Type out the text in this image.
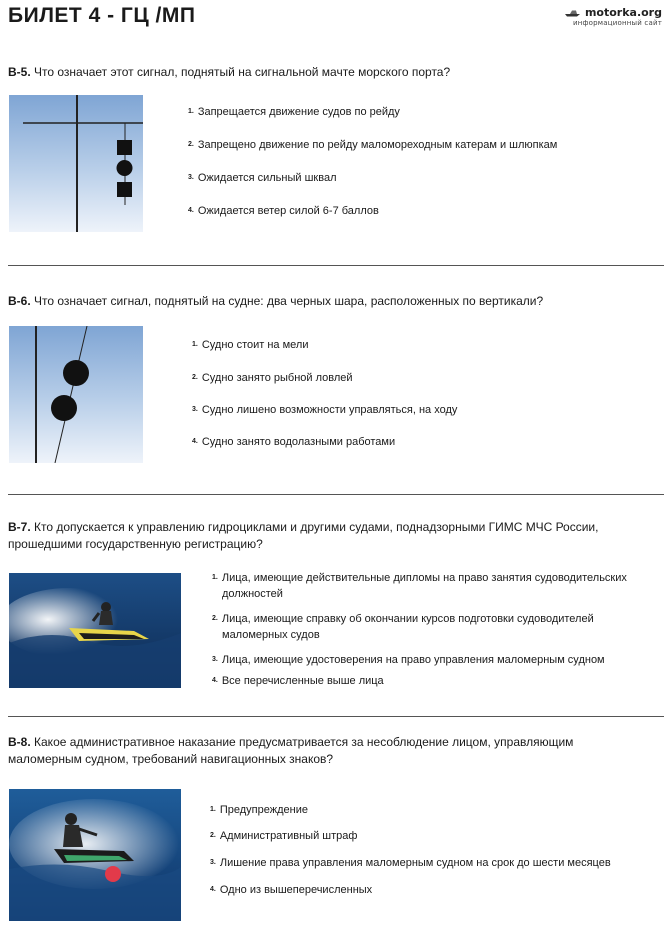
БИЛЕТ 4 - ГЦ /МП	motorka.org
информационный сайт
В-5. Что означает этот сигнал, поднятый на сигнальной мачте морского порта?
$^{1.}$ Запрещается движение судов по рейду
$^{2.}$ Запрещено движение по рейду маломореходным катерам и шлюпкам
$^{3.}$ Ожидается сильный шквал
$^{4.}$ Ожидается ветер силой 6-7 баллов
В-6. Что означает сигнал, поднятый на судне: два черных шара, расположенных по вертикали?
$^{1.}$ Судно стоит на мели
$^{2.}$ Судно занято рыбной ловлей
$^{3.}$ Судно лишено возможности управляться, на ходу
$^{4.}$ Судно занято водолазными работами
В-7. Кто допускается к управлению гидроциклами и другими судами, поднадзорными ГИМС МЧС России,
прошедшими государственную регистрацию?
$^{1.}$ Лица, имеющие действительные дипломы на право занятия судоводительских
должностей
$^{2.}$ Лица, имеющие справку об окончании курсов подготовки судоводителей
маломерных судов
$^{3.}$ Лица, имеющие удостоверения на право управления маломерным судном
$^{4.}$ Все перечисленные выше лица
В-8. Какое административное наказание предусматривается за несоблюдение лицом, управляющим
маломерным судном, требований навигационных знаков?
$^{1.}$ Предупреждение
$^{2.}$ Административный штраф
$^{3.}$ Лишение права управления маломерным судном на срок до шести месяцев
$^{4.}$ Одно из вышеперечисленных
